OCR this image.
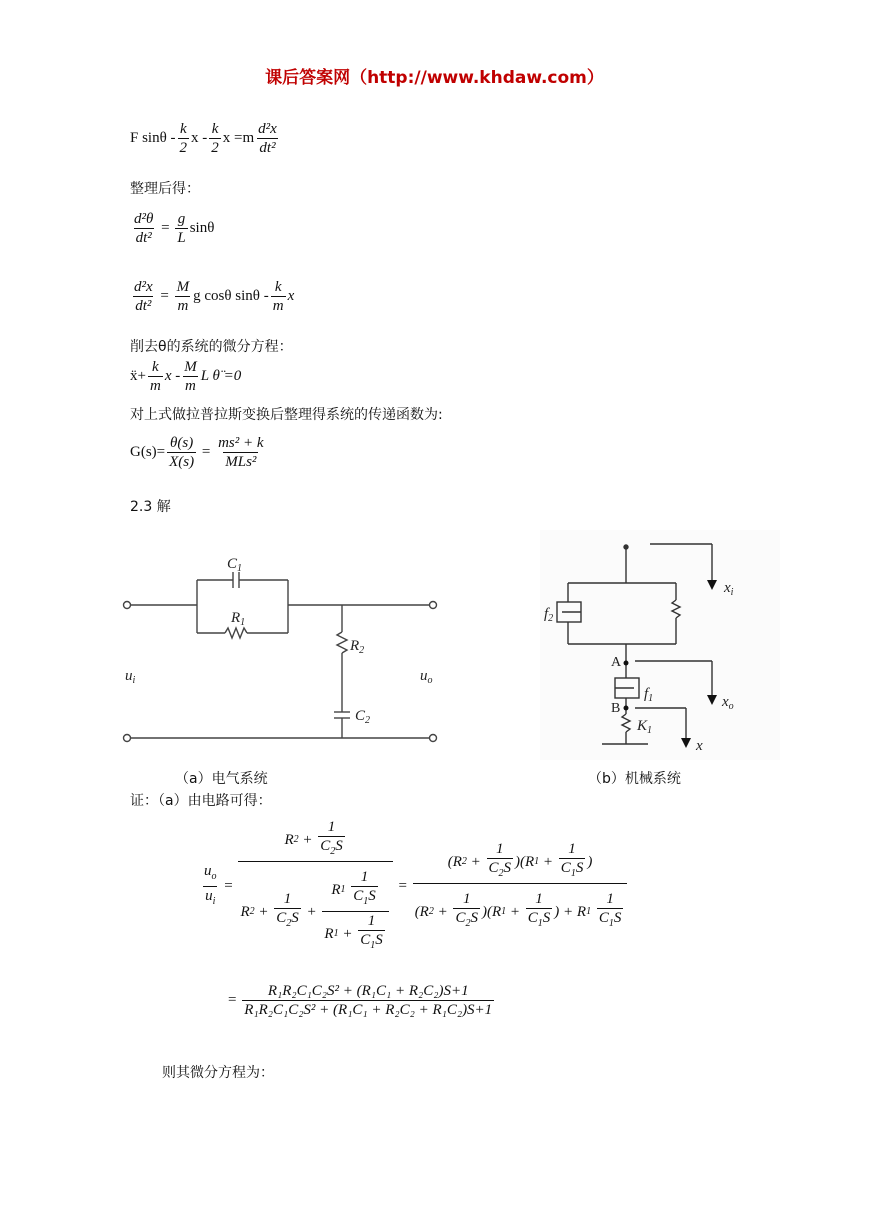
课后答案网（http://www.khdaw.com）
F sinθ - $\frac{k}{2}$ x - $\frac{k}{2}$ $x =m \frac{\text{d²x}}{\text{dt²}}$
整理后得：
$\frac{\text{d²θ}}{\text{dt²}} = \frac{g}{L}$ sinθ
$\frac{\text{d²x}}{\text{dt²}} = \frac{M}{m}$ g cosθ sinθ - $\frac{k}{m}$ x
削去θ的系统的微分方程：
ẍ+ $\frac{k}{m}$ x - $\frac{M}{m}$ L θ̈ =0
对上式做拉普拉斯变换后整理得系统的传递函数为:
$G(s)= \frac{\theta(s)}{X(s)} = \frac{\text{ms² + k}}{\text{MLs²}}$
2.3 解
$C_1$
$R_1$
$R_2$
$C_2$
$u_i$	$u_o$
（a）电气系统
$f_2$
A
$f_1$
B
$K_1$
$x_i$
$x_o$
x
（b）机械系统
证：（a）由电路可得：
$\frac{u_o}{u_i} = R$ $2 + \frac{1}{C_2S}$
R $2 + \frac{1}{C_2S} + R$ 1
$\frac{1}{C_1S}$
R $1 + \frac{1}{C_1S} = (R$ $2 + \frac{1}{C_2S} )(R$ $1 + \frac{1}{C_1S}$ )
(R $2 + \frac{1}{C_2S} )(R$ $1 + \frac{1}{C_1S}$ ) + R 1
$\frac{1}{C_1S}$
= $\frac{\text{R₁R₂C₁C₂S² + (R₁C₁ + R₂C₂)S+1}}{\text{R₁R₂C₁C₂S² + (R₁C₁ + R₂C₂ + R₁C₂)S+1}}$
则其微分方程为：
